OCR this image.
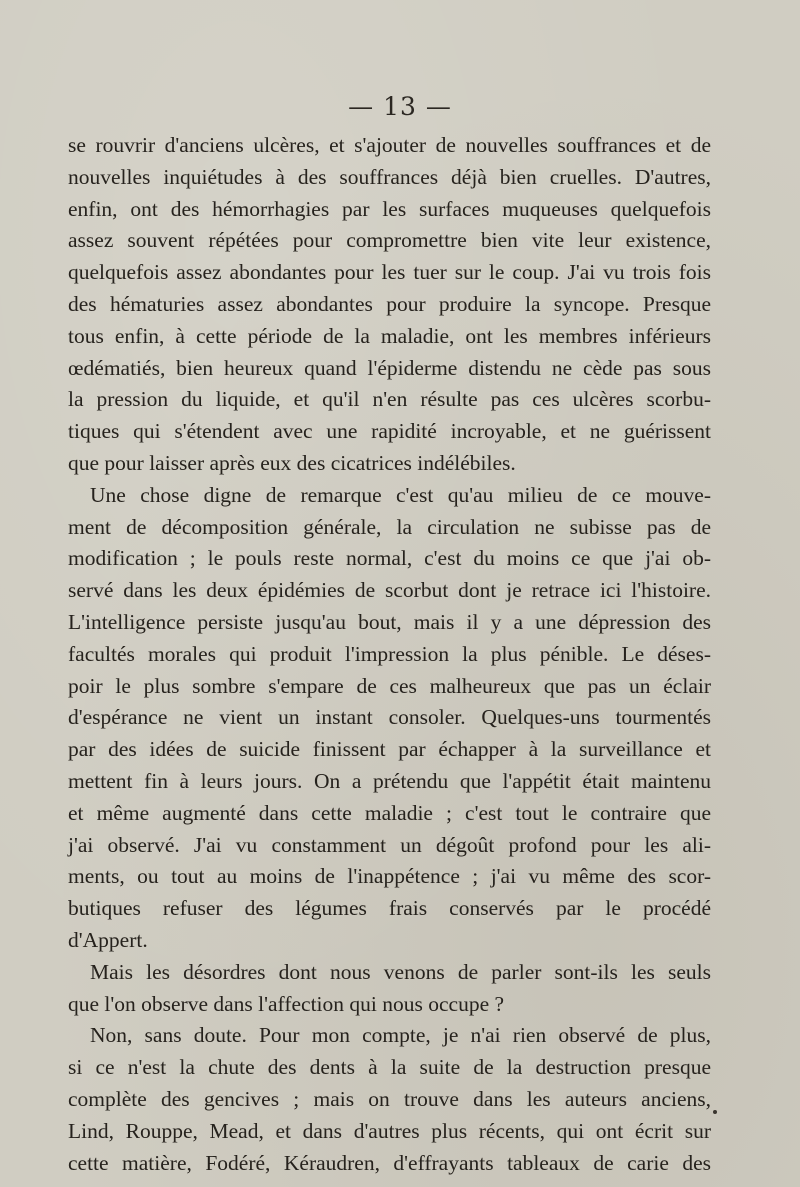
— 13 —
se rouvrir d'anciens ulcères, et s'ajouter de nouvelles souffrances et de
nouvelles inquiétudes à des souffrances déjà bien cruelles. D'autres,
enfin, ont des hémorrhagies par les surfaces muqueuses quelquefois
assez souvent répétées pour compromettre bien vite leur existence,
quelquefois assez abondantes pour les tuer sur le coup. J'ai vu trois fois
des hématuries assez abondantes pour produire la syncope. Presque
tous enfin, à cette période de la maladie, ont les membres inférieurs
œdématiés, bien heureux quand l'épiderme distendu ne cède pas sous
la pression du liquide, et qu'il n'en résulte pas ces ulcères scorbu-
tiques qui s'étendent avec une rapidité incroyable, et ne guérissent
que pour laisser après eux des cicatrices indélébiles.
Une chose digne de remarque c'est qu'au milieu de ce mouve-
ment de décomposition générale, la circulation ne subisse pas de
modification ; le pouls reste normal, c'est du moins ce que j'ai ob-
servé dans les deux épidémies de scorbut dont je retrace ici l'histoire.
L'intelligence persiste jusqu'au bout, mais il y a une dépression des
facultés morales qui produit l'impression la plus pénible. Le déses-
poir le plus sombre s'empare de ces malheureux que pas un éclair
d'espérance ne vient un instant consoler. Quelques-uns tourmentés
par des idées de suicide finissent par échapper à la surveillance et
mettent fin à leurs jours. On a prétendu que l'appétit était maintenu
et même augmenté dans cette maladie ; c'est tout le contraire que
j'ai observé. J'ai vu constamment un dégoût profond pour les ali-
ments, ou tout au moins de l'inappétence ; j'ai vu même des scor-
butiques refuser des légumes frais conservés par le procédé
d'Appert.
Mais les désordres dont nous venons de parler sont-ils les seuls
que l'on observe dans l'affection qui nous occupe ?
Non, sans doute. Pour mon compte, je n'ai rien observé de plus,
si ce n'est la chute des dents à la suite de la destruction presque
complète des gencives ; mais on trouve dans les auteurs anciens,
Lind, Rouppe, Mead, et dans d'autres plus récents, qui ont écrit sur
cette matière, Fodéré, Kéraudren, d'effrayants tableaux de carie des
